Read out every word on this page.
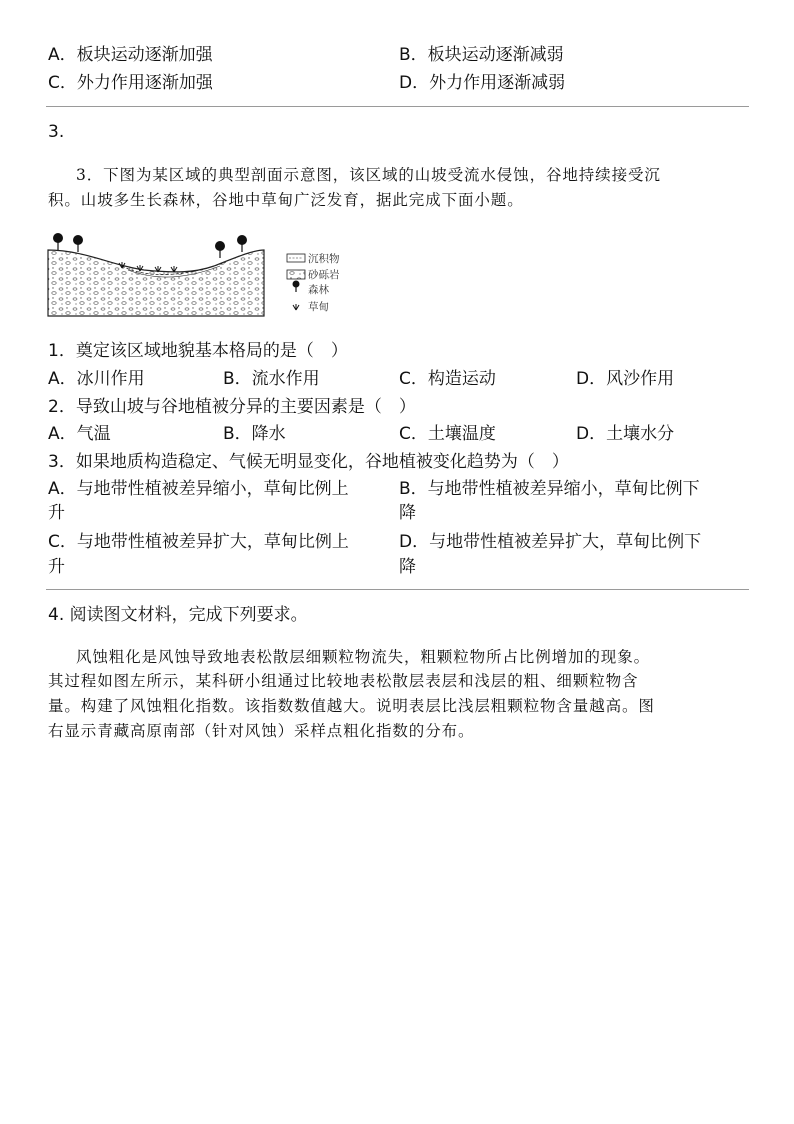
A．板块运动逐渐加强	B．板块运动逐渐减弱
C．外力作用逐渐加强	D．外力作用逐渐减弱
3.
3．下图为某区域的典型剖面示意图，该区域的山坡受流水侵蚀，谷地持续接受沉
积。山坡多生长森林，谷地中草甸广泛发育，据此完成下面小题。
沉积物
砂砾岩
森林
草甸
1．奠定该区域地貌基本格局的是（　）
A．冰川作用	B．流水作用	C．构造运动	D．风沙作用
2．导致山坡与谷地植被分异的主要因素是（　）
A．气温	B．降水	C．土壤温度	D．土壤水分
3．如果地质构造稳定、气候无明显变化，谷地植被变化趋势为（　）
A．与地带性植被差异缩小，草甸比例上
升
B．与地带性植被差异缩小，草甸比例下
降
C．与地带性植被差异扩大，草甸比例上
升
D．与地带性植被差异扩大，草甸比例下
降
4. 阅读图文材料，完成下列要求。
风蚀粗化是风蚀导致地表松散层细颗粒物流失，粗颗粒物所占比例增加的现象。
其过程如图左所示，某科研小组通过比较地表松散层表层和浅层的粗、细颗粒物含
量。构建了风蚀粗化指数。该指数数值越大。说明表层比浅层粗颗粒物含量越高。图
右显示青藏高原南部（针对风蚀）采样点粗化指数的分布。
